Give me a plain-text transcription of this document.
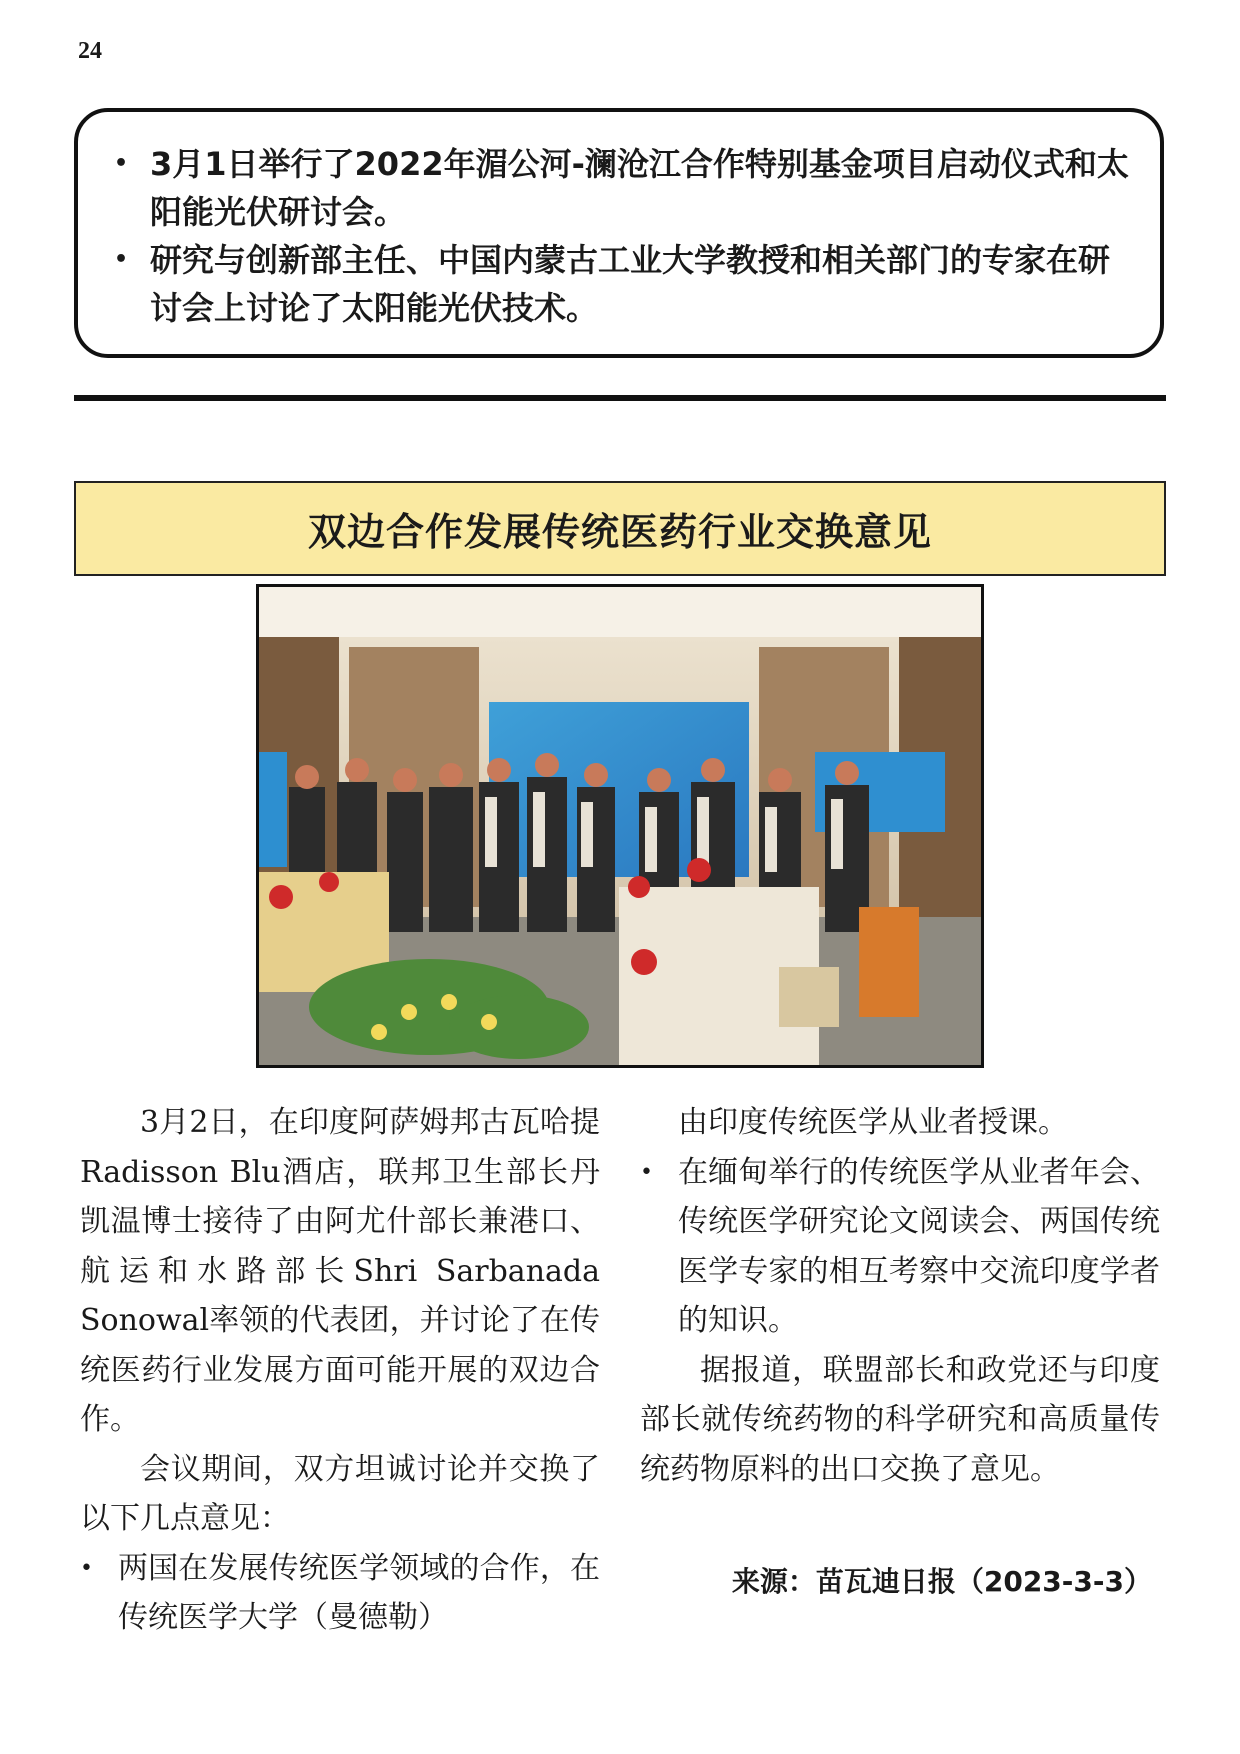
24
• 3月1日举行了2022年湄公河-澜沧江合作特别基金项目启动仪式和太阳能光伏研讨会。
• 研究与创新部主任、中国内蒙古工业大学教授和相关部门的专家在研讨会上讨论了太阳能光伏技术。
双边合作发展传统医药行业交换意见

3月2日，在印度阿萨姆邦古瓦哈提Radisson Blu酒店，联邦卫生部长丹凯温博士接待了由阿尤什部长兼港口、航运和水路部长Shri Sarbanada Sonowal率领的代表团，并讨论了在传统医药行业发展方面可能开展的双边合作。

会议期间，双方坦诚讨论并交换了以下几点意见：

• 两国在发展传统医学领域的合作，在传统医学大学（曼德勒）
由印度传统医学从业者授课。
• 在缅甸举行的传统医学从业者年会、传统医学研究论文阅读会、两国传统医学专家的相互考察中交流印度学者的知识。

据报道，联盟部长和政党还与印度部长就传统药物的科学研究和高质量传统药物原料的出口交换了意见。

来源：苗瓦迪日报（2023-3-3）
